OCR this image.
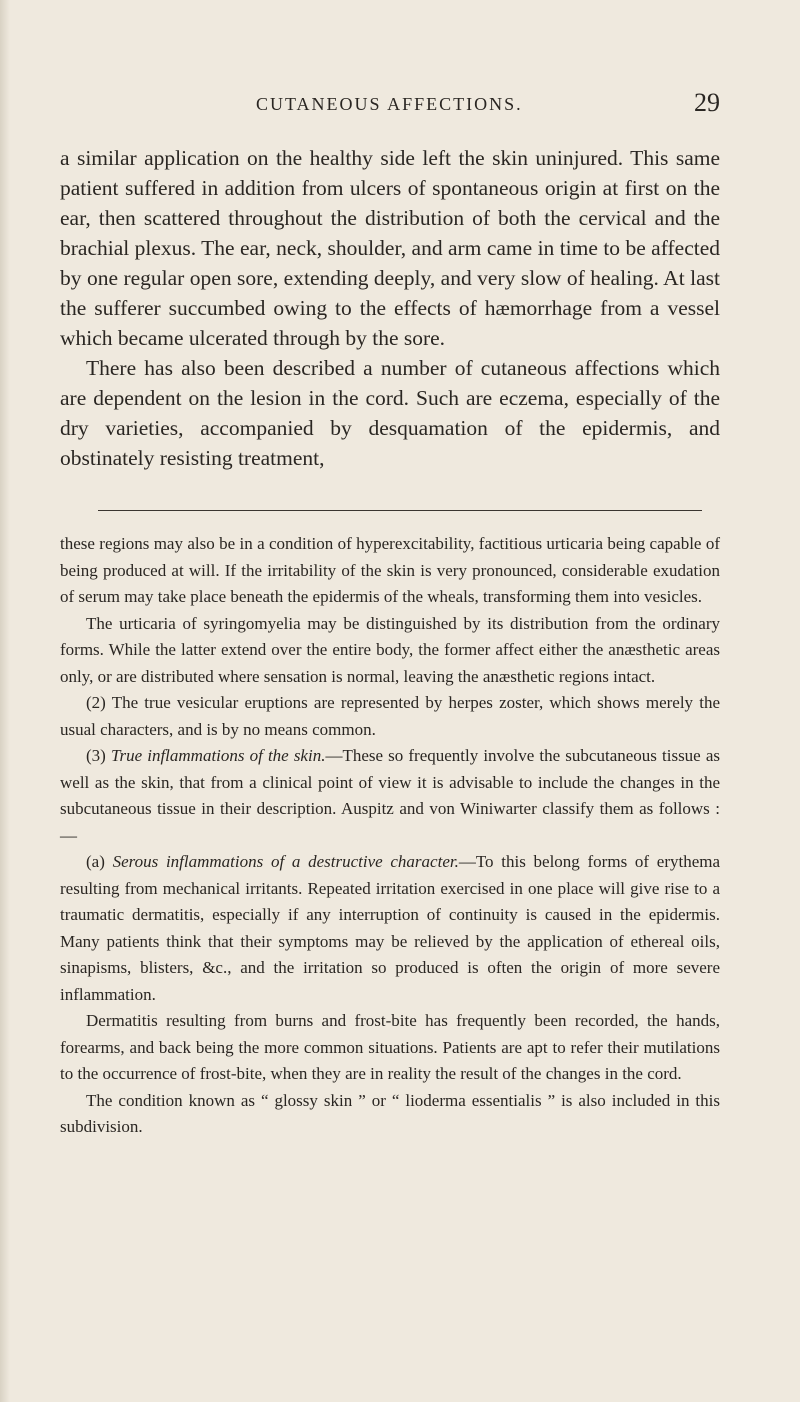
CUTANEOUS AFFECTIONS.	29

a similar application on the healthy side left the skin uninjured. This same patient suffered in addition from ulcers of spontaneous origin at first on the ear, then scattered throughout the distribution of both the cervical and the brachial plexus. The ear, neck, shoulder, and arm came in time to be affected by one regular open sore, extending deeply, and very slow of healing. At last the sufferer succumbed owing to the effects of hæmorrhage from a vessel which became ulcerated through by the sore.

There has also been described a number of cutaneous affections which are dependent on the lesion in the cord. Such are eczema, especially of the dry varieties, accompanied by desquamation of the epidermis, and obstinately resisting treatment,

these regions may also be in a condition of hyperexcitability, factitious urticaria being capable of being produced at will. If the irritability of the skin is very pronounced, considerable exudation of serum may take place beneath the epidermis of the wheals, transforming them into vesicles.

The urticaria of syringomyelia may be distinguished by its distribution from the ordinary forms. While the latter extend over the entire body, the former affect either the anæsthetic areas only, or are distributed where sensation is normal, leaving the anæsthetic regions intact.

(2) The true vesicular eruptions are represented by herpes zoster, which shows merely the usual characters, and is by no means common.

(3) True inflammations of the skin.—These so frequently involve the subcutaneous tissue as well as the skin, that from a clinical point of view it is advisable to include the changes in the subcutaneous tissue in their description. Auspitz and von Winiwarter classify them as follows :—

(a) Serous inflammations of a destructive character.—To this belong forms of erythema resulting from mechanical irritants. Repeated irritation exercised in one place will give rise to a traumatic dermatitis, especially if any interruption of continuity is caused in the epidermis. Many patients think that their symptoms may be relieved by the application of ethereal oils, sinapisms, blisters, &c., and the irritation so produced is often the origin of more severe inflammation.

Dermatitis resulting from burns and frost-bite has frequently been recorded, the hands, forearms, and back being the more common situations. Patients are apt to refer their mutilations to the occurrence of frost-bite, when they are in reality the result of the changes in the cord.

The condition known as “ glossy skin ” or “ lioderma essentialis ” is also included in this subdivision.
